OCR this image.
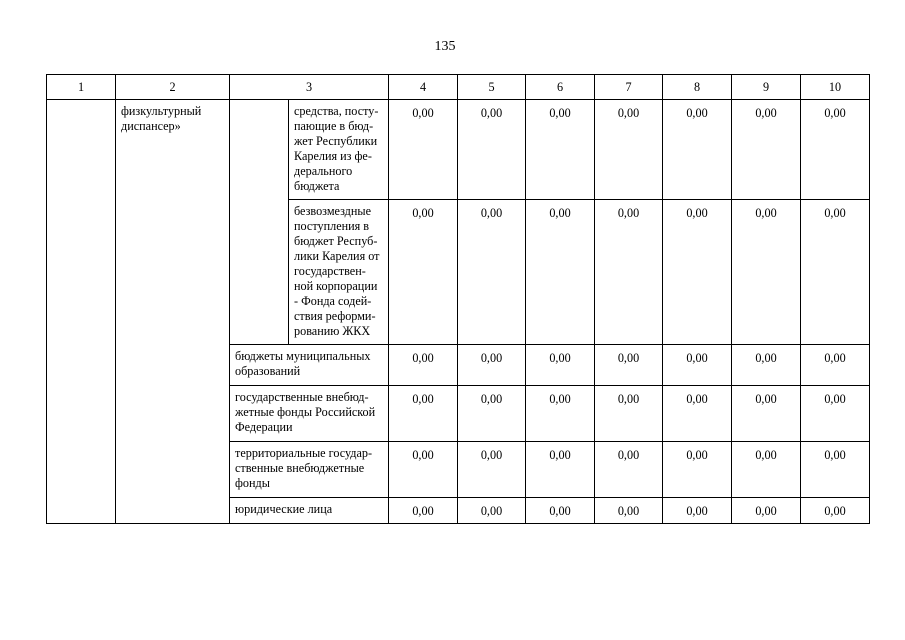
135
1	2	3		4	5	6	7	8	9	10
	физкультурный диспансер»		средства, посту- пающие в бюд- жет Республики Карелия из фе- дерального бюджета	0,00	0,00	0,00	0,00	0,00	0,00	0,00
			безвозмездные поступления в бюджет Респуб- лики Карелия от государствен- ной корпорации - Фонда содей- ствия реформи- рованию ЖКХ	0,00	0,00	0,00	0,00	0,00	0,00	0,00
		бюджеты муниципальных образований		0,00	0,00	0,00	0,00	0,00	0,00	0,00
		государственные внебюд- жетные фонды Российской Федерации		0,00	0,00	0,00	0,00	0,00	0,00	0,00
		территориальные государ- ственные внебюджетные фонды		0,00	0,00	0,00	0,00	0,00	0,00	0,00
		юридические лица		0,00	0,00	0,00	0,00	0,00	0,00	0,00
